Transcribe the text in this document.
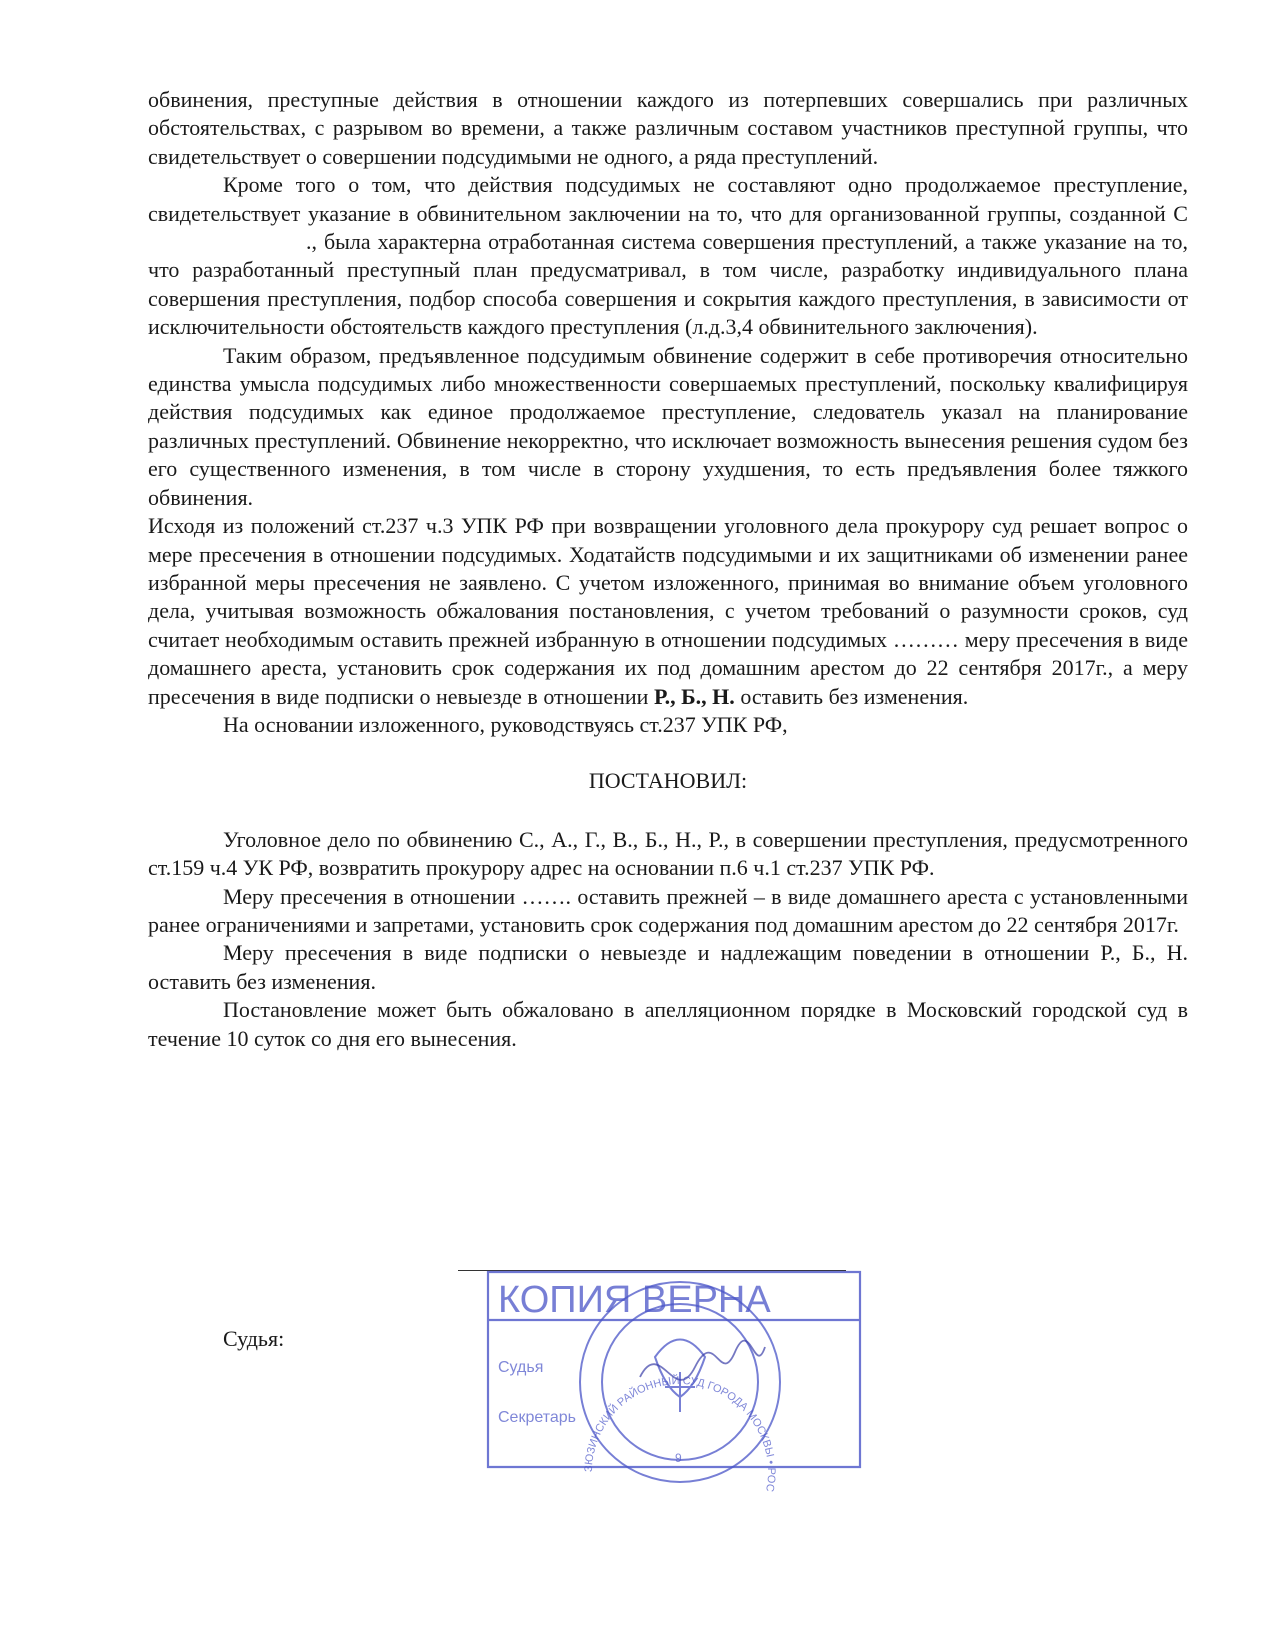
обвинения, преступные действия в отношении каждого из потерпевших совершались при различных обстоятельствах, с разрывом во времени, а также различным составом участников преступной группы, что свидетельствует о совершении подсудимыми не одного, а ряда преступлений.

Кроме того о том, что действия подсудимых не составляют одно продолжаемое преступление, свидетельствует указание в обвинительном заключении на то, что для организованной группы, созданной С., была характерна отработанная система совершения преступлений, а также указание на то, что разработанный преступный план предусматривал, в том числе, разработку индивидуального плана совершения преступления, подбор способа совершения и сокрытия каждого преступления, в зависимости от исключительности обстоятельств каждого преступления (л.д.3,4 обвинительного заключения).

Таким образом, предъявленное подсудимым обвинение содержит в себе противоречия относительно единства умысла подсудимых либо множественности совершаемых преступлений, поскольку квалифицируя действия подсудимых как единое продолжаемое преступление, следователь указал на планирование различных преступлений. Обвинение некорректно, что исключает возможность вынесения решения судом без его существенного изменения, в том числе в сторону ухудшения, то есть предъявления более тяжкого обвинения.

Исходя из положений ст.237 ч.3 УПК РФ при возвращении уголовного дела прокурору суд решает вопрос о мере пресечения в отношении подсудимых. Ходатайств подсудимыми и их защитниками об изменении ранее избранной меры пресечения не заявлено. С учетом изложенного, принимая во внимание объем уголовного дела, учитывая возможность обжалования постановления, с учетом требований о разумности сроков, суд считает необходимым оставить прежней избранную в отношении подсудимых ……… меру пресечения в виде домашнего ареста, установить срок содержания их под домашним арестом до 22 сентября 2017г., а меру пресечения в виде подписки о невыезде в отношении Р., Б., Н. оставить без изменения.

На основании изложенного, руководствуясь ст.237 УПК РФ,

ПОСТАНОВИЛ:

Уголовное дело по обвинению С., А., Г., В., Б., Н., Р., в совершении преступления, предусмотренного ст.159 ч.4 УК РФ, возвратить прокурору адрес на основании п.6 ч.1 ст.237 УПК РФ.

Меру пресечения в отношении ……. оставить прежней – в виде домашнего ареста с установленными ранее ограничениями и запретами, установить срок содержания под домашним арестом до 22 сентября 2017г.

Меру пресечения в виде подписки о невыезде и надлежащим поведении в отношении Р., Б., Н. оставить без изменения.

Постановление может быть обжаловано в апелляционном порядке в Московский городской суд в течение 10 суток со дня его вынесения.

Судья:
КОПИЯ ВЕРНА
Судья
Секретарь
ЗЮЗИНСКИЙ РАЙОННЫЙ СУД ГОРОДА МОСКВЫ • РОС
9
